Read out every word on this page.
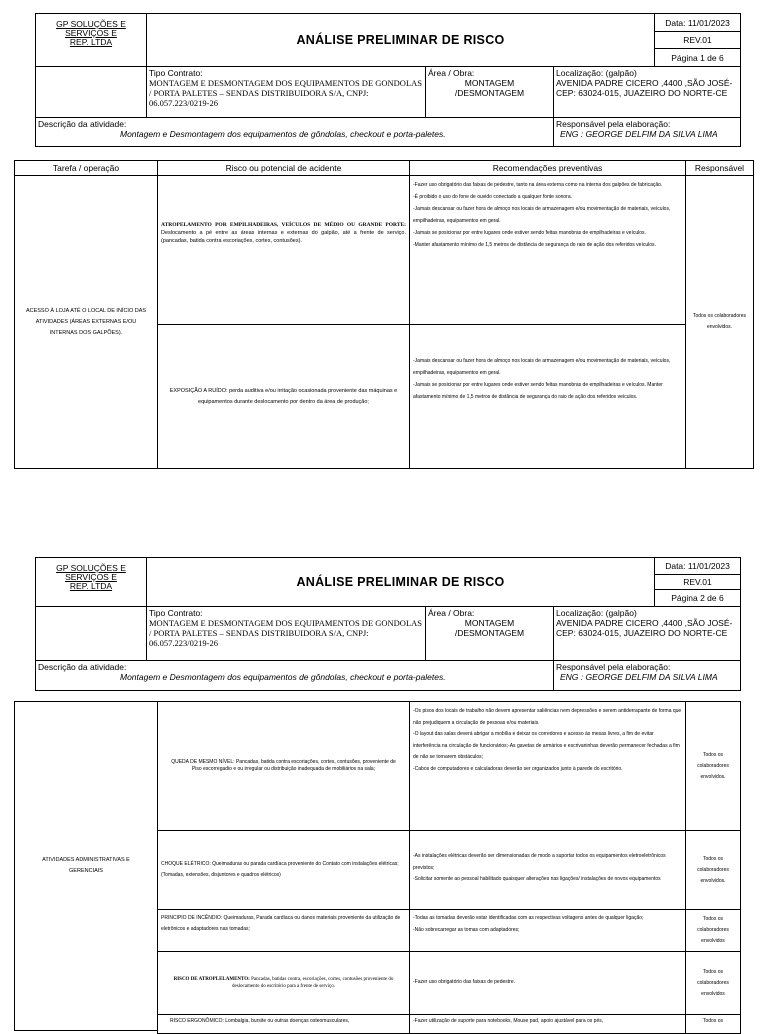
GP SOLUÇÕES E
SERVIÇOS E
REP. LTDA	ANÁLISE PRELIMINAR DE RISCO
Data: 11/01/2023
REV.01
Página 1 de 6
Tipo Contrato:
MONTAGEM E DESMONTAGEM DOS EQUIPAMENTOS DE GONDOLAS / PORTA PALETES – SENDAS DISTRIBUIDORA S/A, CNPJ: 06.057.223/0219-26
Área / Obra:
MONTAGEM /DESMONTAGEM
Localização: (galpão)
AVENIDA PADRE CICERO ,4400 ,SÃO JOSÉ-CEP: 63024-015, JUAZEIRO DO NORTE-CE
Descrição da atividade:
Montagem e Desmontagem dos equipamentos de gôndolas, checkout e porta-paletes.
Responsável pela elaboração:
ENG : GEORGE DELFIM DA SILVA LIMA
Tarefa / operação	Risco ou potencial de acidente	Recomendações preventivas	Responsável
ACESSO À LOJA ATÉ O LOCAL DE INÍCIO DAS ATIVIDADES (ÁREAS EXTERNAS E/OU INTERNAS DOS GALPÕES).
ATROPELAMENTO POR EMPILHADEIRAS, VEÍCULOS DE MÉDIO OU GRANDE PORTE: Deslocamento a pé entre as áreas internas e externas do galpão, até a frente de serviço. (pancadas, batida contra escoriações, cortes, contusões).
-Fazer uso obrigatório das faixas de pedestre, tanto na área externa como na interna dos galpões de fabricação.
-É proibido o uso do fone de ouvido conectado a qualquer fonte sonora.
-Jamais descansar ou fazer hora de almoço nos locais de armazenagem e/ou movimentação de materiais, veículos, empilhadeiras, equipamentos em geral.
-Jamais se posicionar por entre lugares onde estiver sendo feitas manobras de empilhadeiras e veículos.
-Manter afastamento mínimo de 1,5 metros de distância de segurança do raio de ação dos referidos veículos.
EXPOSIÇÃO A RUÍDO: perda auditiva e/ou irritação ocasionada proveniente das máquinas e equipamentos durante deslocamento por dentro da área de produção;
-Jamais descansar ou fazer hora de almoço nos locais de armazenagem e/ou movimentação de materiais, veículos, empilhadeiras, equipamentos em geral.
-Jamais se posicionar por entre lugares onde estiver sendo feitas manobras de empilhadeiras e veículos. Manter afastamento mínimo de 1,5 metros de distância de segurança do raio de ação dos referidos veículos.
Todos os colaboradores envolvidos.
GP SOLUÇÕES E
SERVIÇOS E
REP. LTDA	ANÁLISE PRELIMINAR DE RISCO
Data: 11/01/2023
REV.01
Página 2 de 6
Tipo Contrato:
MONTAGEM E DESMONTAGEM DOS EQUIPAMENTOS DE GONDOLAS / PORTA PALETES – SENDAS DISTRIBUIDORA S/A, CNPJ: 06.057.223/0219-26
Área / Obra:
MONTAGEM /DESMONTAGEM
Localização: (galpão)
AVENIDA PADRE CICERO ,4400 ,SÃO JOSÉ-CEP: 63024-015, JUAZEIRO DO NORTE-CE
Descrição da atividade:
Montagem e Desmontagem dos equipamentos de gôndolas, checkout e porta-paletes.
Responsável pela elaboração:
ENG : GEORGE DELFIM DA SILVA LIMA
ATIVIDADES ADMINISTRATIVAS E GERENCIAIS
QUEDA DE MESMO NÍVEL: Pancadas, batida contra escoriações, cortes, contusões, proveniente de Piso escorregadio e ou irregular ou distribuição inadequada de mobiliários na sala;
-Os pisos dos locais de trabalho não devem apresentar saliências nem depressões e serem antiderrapante de forma que não prejudiquem a circulação de pessoas e/ou materiais.
-O layout das salas deverá abrigar a mobília e deixar os corredores e acesso às mesas livres, a fim de evitar interferência na circulação de funcionários;-As gavetas de armários e escrivaninhas deverão permanecer fechadas a fim de não se tornarem obstáculos;
-Cabos de computadores e calculadoras deverão ser organizados junto à parede do escritório.
Todos os colaboradores envolvidos.
CHOQUE ELÉTRICO: Queimaduras ou parada cardíaca proveniente do Contato com instalações elétricas; (Tomadas, extensões, disjuntores e quadros elétricos)
-As instalações elétricas deverão ser dimensionadas de modo a suportar todos os equipamentos eletroeletrônicos previstos;
-Solicitar somente ao pessoal habilitado quaisquer alterações nas ligações/ instalações de novos equipamentos
Todos os colaboradores envolvidos.
PRINCIPIO DE INCÊNDIO: Queimaduras, Parada cardíaca ou danos materiais proveniente da utilização de eletrônicos e adaptadores nas tomadas;
-Todas as tomadas deverão estar identificadas com as respectivas voltagens antes de qualquer ligação;
-Não sobrecarregar as tomas com adaptadores;
Todos os colaboradores envolvidos
RISCO DE ATROPLELAMENTO: Pancadas, batidas contra, escoriações, cortes, contusões proveniente do deslocamento do escritório para a frente de serviço.
-Fazer uso obrigatório das faixas de pedestre.
Todos os colaboradores envolvidos
RISCO ERGONÔMICO: Lombalgia, bursite ou outras doenças osteomusculares,	-Fazer utilização de suporte para notebooks, Mouse pad, apoio ajustável para os pés,	Todos os
